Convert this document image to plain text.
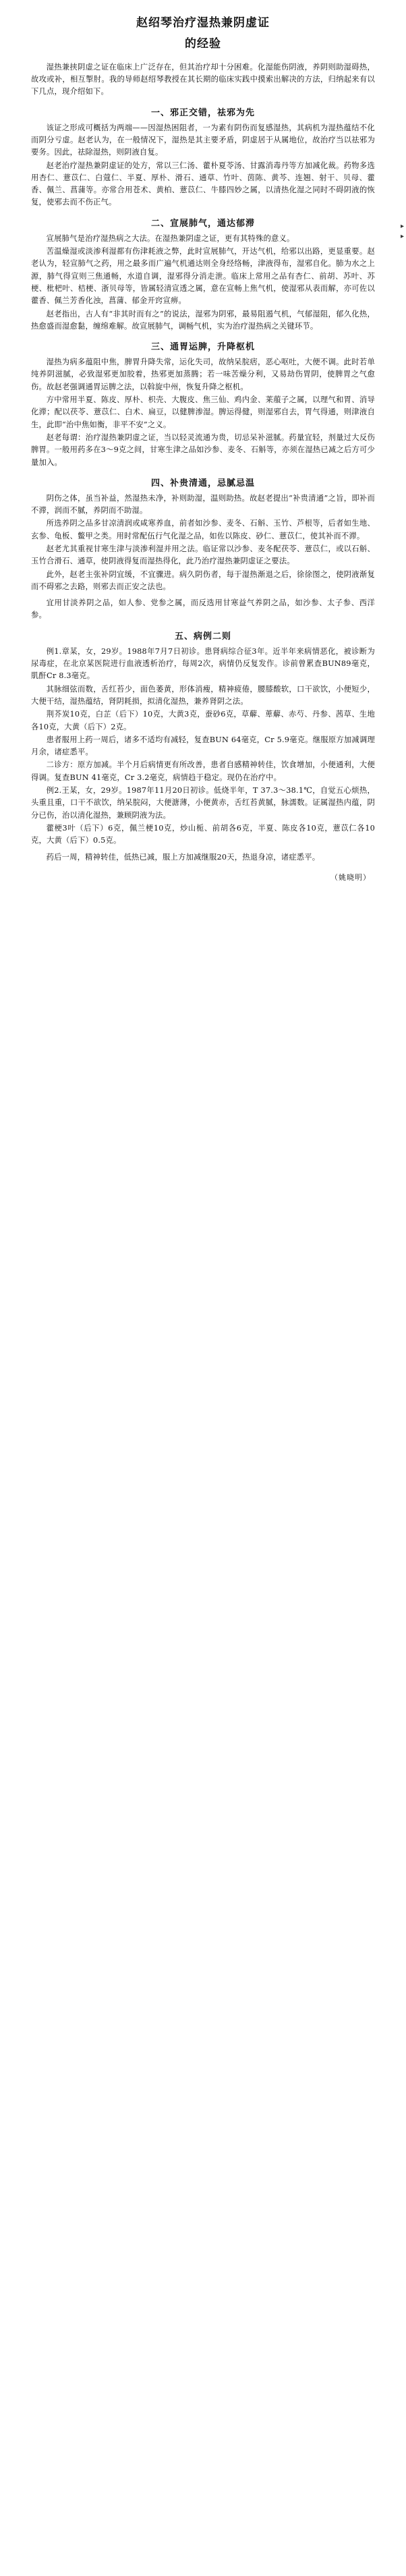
▸
▸
赵绍琴治疗湿热兼阴虚证
的经验

湿热兼挟阴虚之证在临床上广泛存在，但其治疗却十分困难。化湿能伤阴液，养阴则助湿碍热，故攻或补，相互掣肘。我的导师赵绍琴教授在其长期的临床实践中摸索出解决的方法，归纳起来有以下几点，现介绍如下。

一、邪正交错，祛邪为先

该证之形成可概括为两端——因湿热困阻者，一为素有阴伤而复感湿热，其病机为湿热蕴结不化而阴分亏虚。赵老认为，在一般情况下，湿热是其主要矛盾，阴虚居于从属地位，故治疗当以祛邪为要务。因此，祛除湿热，则阴液自复。

赵老治疗湿热兼阴虚证的处方，常以三仁汤、藿朴夏苓汤、甘露消毒丹等方加减化裁。药物多选用杏仁、薏苡仁、白蔻仁、半夏、厚朴、滑石、通草、竹叶、茵陈、黄芩、连翘、射干、贝母、藿香、佩兰、菖蒲等。亦常合用苍术、黄柏、薏苡仁、牛膝四妙之属，以清热化湿之同时不碍阴液的恢复，使邪去而不伤正气。

二、宣展肺气，通达郁滞

宣展肺气是治疗湿热病之大法。在湿热兼阴虚之证，更有其特殊的意义。

苦温燥湿或淡渗利湿都有伤津耗液之弊，此时宣展肺气，开达气机，给邪以出路，更显重要。赵老认为，轻宣肺气之药，用之最多而广遍气机通达则全身经络畅，津液得布，湿邪自化。肺为水之上源，肺气得宣则三焦通畅，水道自调，湿邪得分消走泄。临床上常用之品有杏仁、前胡、苏叶、苏梗、枇杷叶、桔梗、浙贝母等，皆属轻清宣透之属，意在宣畅上焦气机，使湿邪从表而解，亦可佐以藿香、佩兰芳香化浊，菖蒲、郁金开窍宣痹。

赵老指出，古人有“非其时而有之”的说法，湿邪为阴邪，最易阻遏气机，气郁湿阻，郁久化热，热愈盛而湿愈黏，缠绵难解。故宣展肺气，调畅气机，实为治疗湿热病之关键环节。

三、通胃运脾，升降枢机

湿热为病多蕴阻中焦，脾胃升降失常，运化失司，故纳呆脘痞，恶心呕吐，大便不调。此时若单纯养阴滋腻，必致湿邪更加胶着，热邪更加蒸腾；若一味苦燥分利，又易劫伤胃阴，使脾胃之气愈伤。故赵老强调通胃运脾之法，以斡旋中州，恢复升降之枢机。

方中常用半夏、陈皮、厚朴、枳壳、大腹皮、焦三仙、鸡内金、莱菔子之属，以理气和胃、消导化滞；配以茯苓、薏苡仁、白术、扁豆，以健脾渗湿。脾运得健，则湿邪自去，胃气得通，则津液自生，此即“治中焦如衡，非平不安”之义。

赵老每谓：治疗湿热兼阴虚之证，当以轻灵流通为贵，切忌呆补滋腻。药量宜轻，剂量过大反伤脾胃。一般用药多在3～9克之间，甘寒生津之品如沙参、麦冬、石斛等，亦须在湿热已减之后方可少量加入。

四、补贵清通，忌腻忌温

阴伤之体，虽当补益，然湿热未净，补则助湿，温则助热。故赵老提出“补贵清通”之旨，即补而不滞，润而不腻，养阴而不助湿。

所选养阴之品多甘凉清润或咸寒养血，前者如沙参、麦冬、石斛、玉竹、芦根等，后者如生地、玄参、龟板、鳖甲之类。用时常配伍行气化湿之品，如佐以陈皮、砂仁、薏苡仁，使其补而不滞。

赵老尤其重视甘寒生津与淡渗利湿并用之法。临证常以沙参、麦冬配茯苓、薏苡仁，或以石斛、玉竹合滑石、通草，使阴液得复而湿热得化，此乃治疗湿热兼阴虚证之要法。

此外，赵老主张补阴宜缓，不宜骤进。病久阴伤者，每于湿热渐退之后，徐徐图之，使阴液渐复而不碍邪之去路，则邪去而正安之法也。

宜用甘淡养阴之品，如人参、党参之属，而反选用甘寒益气养阴之品，如沙参、太子参、西洋参。

五、病例二则

例1.章某，女，29岁。1988年7月7日初诊。患肾病综合征3年。近半年来病情恶化，被诊断为尿毒症，在北京某医院进行血液透析治疗，每周2次，病情仍反复发作。诊前曾累查BUN89毫克，肌酐Cr 8.3毫克。

其脉细弦而数，舌红苔少，面色萎黄，形体消瘦，精神疲倦，腰膝酸软，口干欲饮，小便短少，大便干结，湿热蕴结，肾阴耗损，拟清化湿热，兼养肾阴之法。

荆芥炭10克，白芷（后下）10克，大黄3克，蚕砂6克，草薢、萆薢、赤芍、丹参、茜草、生地各10克，大黄（后下）2克。

患者服用上药一周后，诸多不适均有减轻，复查BUN 64毫克，Cr 5.9毫克。继服原方加减调理月余，诸症悉平。

二诊方：原方加减。半个月后病情更有所改善，患者自感精神转佳，饮食增加，小便通利，大便得调。复查BUN 41毫克，Cr 3.2毫克，病情趋于稳定。现仍在治疗中。

例2.王某，女，29岁。1987年11月20日初诊。低烧半年，T 37.3～38.1℃，自觉五心烦热，头重且重，口干不欲饮，纳呆脘闷，大便溏薄，小便黄赤，舌红苔黄腻，脉濡数。证属湿热内蕴，阴分已伤，治以清化湿热，兼顾阴液为法。

藿梗3叶（后下）6克，佩兰梗10克，炒山栀、前胡各6克，半夏、陈皮各10克，薏苡仁各10克，大黄（后下）0.5克。

药后一周，精神转佳，低热已减，服上方加减继服20天，热退身凉，诸症悉平。

（姚晓明）
